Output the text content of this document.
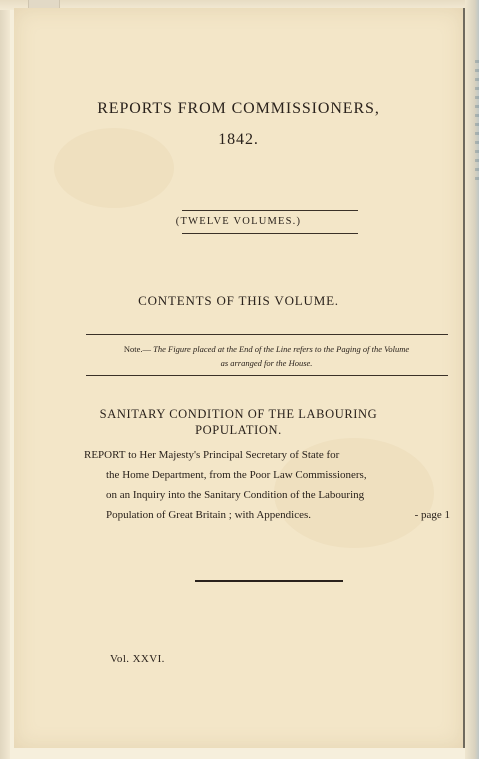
REPORTS FROM COMMISSIONERS,
1842.
(TWELVE VOLUMES.)
CONTENTS OF THIS VOLUME.
Note.— The Figure placed at the End of the Line refers to the Paging of the Volume
as arranged for the House.
SANITARY CONDITION OF THE LABOURING
POPULATION.
REPORT to Her Majesty's Principal Secretary of State for
the Home Department, from the Poor Law Commissioners,
on an Inquiry into the Sanitary Condition of the Labouring
Population of Great Britain ; with Appendices.	- page 1
Vol. XXVI.
